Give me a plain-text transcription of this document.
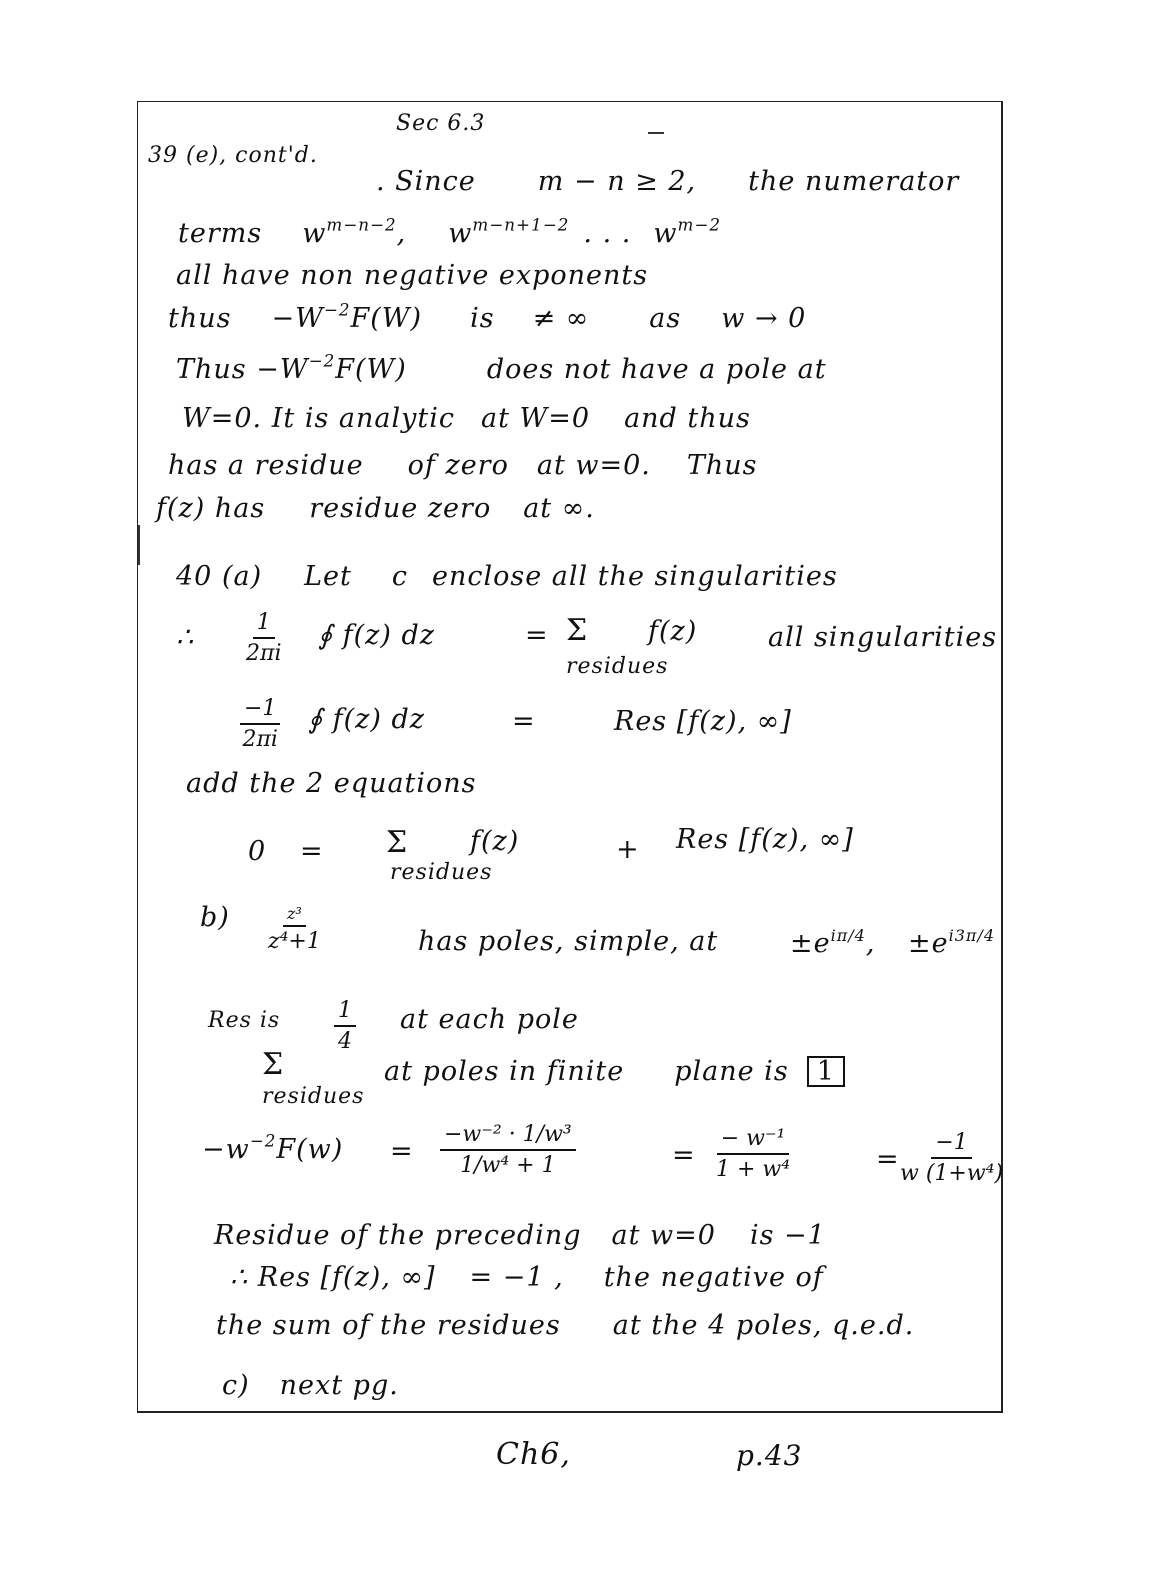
Sec 6.3
39 (e), cont'd.
. Since m − n ≥ 2, the numerator
terms $w^{m-n-2}$, $w^{m-n+1-2}$ . . . $w^{m-2}$
all have non negative exponents
thus $-W^{-2}F(W)$ is ≠ ∞ as w → 0
Thus $-W^{-2}F(W)$	does not have a pole at
W=0. It is analytic at W=0 and thus
has a residue of zero at w=0. Thus
f(z) has residue zero at ∞.
40 (a) Let c enclose all the singularities
∴ $\frac{1}{2\pi i}$ ∮ f(z) dz	= Σ
residues
f(z)	all singularities
$\frac{-1}{2\pi i}$ ∮ f(z) dz	=	Res [f(z), ∞]
add the 2 equations
0 = Σ
residues
f(z)	+ Res [f(z), ∞]
b)	z³
z⁴+1	has poles, simple, at	$\pm e^{i\pi/4}$, $\pm e^{i3\pi/4}$
Res is $\frac{1}{4}$ at each pole
Σ
residues
at poles in finite plane is 1
$-w^{-2}F(w) = \frac{\text{−w⁻² · 1/w³}}{\text{1/w⁴ + 1}}$	= $\frac{\text{− w⁻¹}}{\text{1 + w⁴}}$	= $\frac{-1}{\text{w (1+w⁴)}}$
Residue of the preceding at w=0 is −1
∴ Res [f(z), ∞] = −1 , the negative of
the sum of the residues at the 4 poles, q.e.d.
c) next pg.
Ch6,	p.43
